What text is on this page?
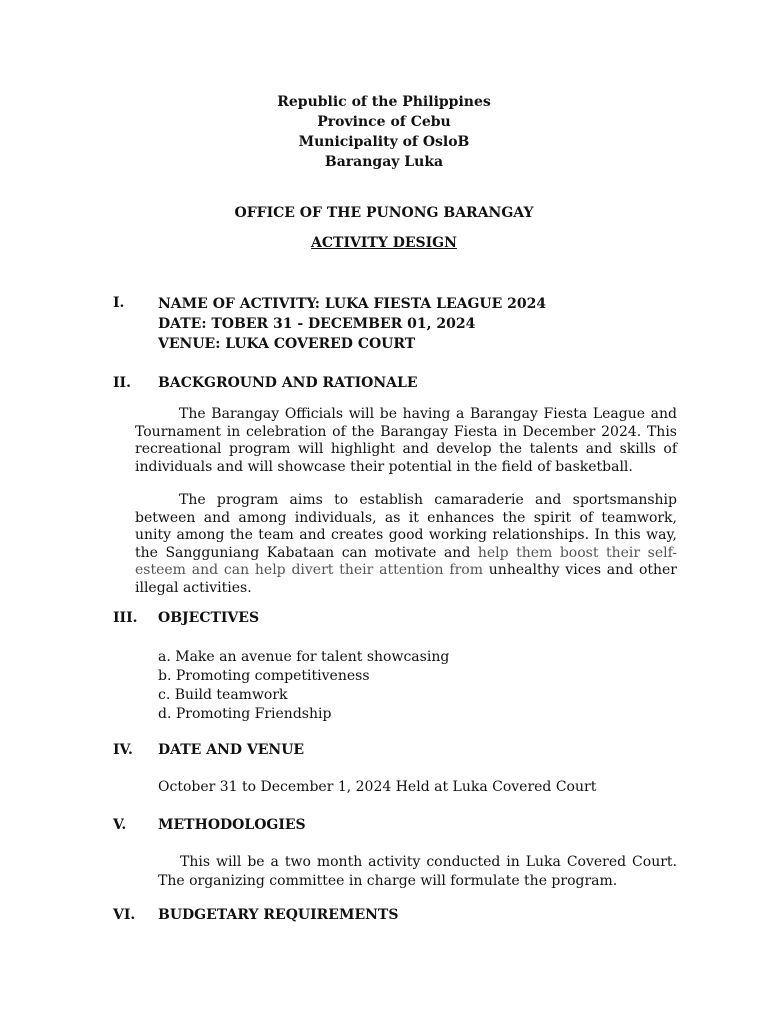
Republic of the Philippines
Province of Cebu
Municipality of OsloB
Barangay Luka
OFFICE OF THE PUNONG BARANGAY
ACTIVITY DESIGN
I. NAME OF ACTIVITY: LUKA FIESTA LEAGUE 2024
DATE: TOBER 31 - DECEMBER 01, 2024
VENUE: LUKA COVERED COURT
II. BACKGROUND AND RATIONALE
The Barangay Officials will be having a Barangay Fiesta League and Tournament in celebration of the Barangay Fiesta in December 2024. This recreational program will highlight and develop the talents and skills of individuals and will showcase their potential in the field of basketball.
The program aims to establish camaraderie and sportsmanship between and among individuals, as it enhances the spirit of teamwork, unity among the team and creates good working relationships. In this way, the Sangguniang Kabataan can motivate and help them boost their self-esteem and can help divert their attention from unhealthy vices and other illegal activities.
III. OBJECTIVES
a. Make an avenue for talent showcasing
b. Promoting competitiveness
c. Build teamwork
d. Promoting Friendship
IV. DATE AND VENUE
October 31 to December 1, 2024 Held at Luka Covered Court
V. METHODOLOGIES
This will be a two month activity conducted in Luka Covered Court. The organizing committee in charge will formulate the program.
VI. BUDGETARY REQUIREMENTS
